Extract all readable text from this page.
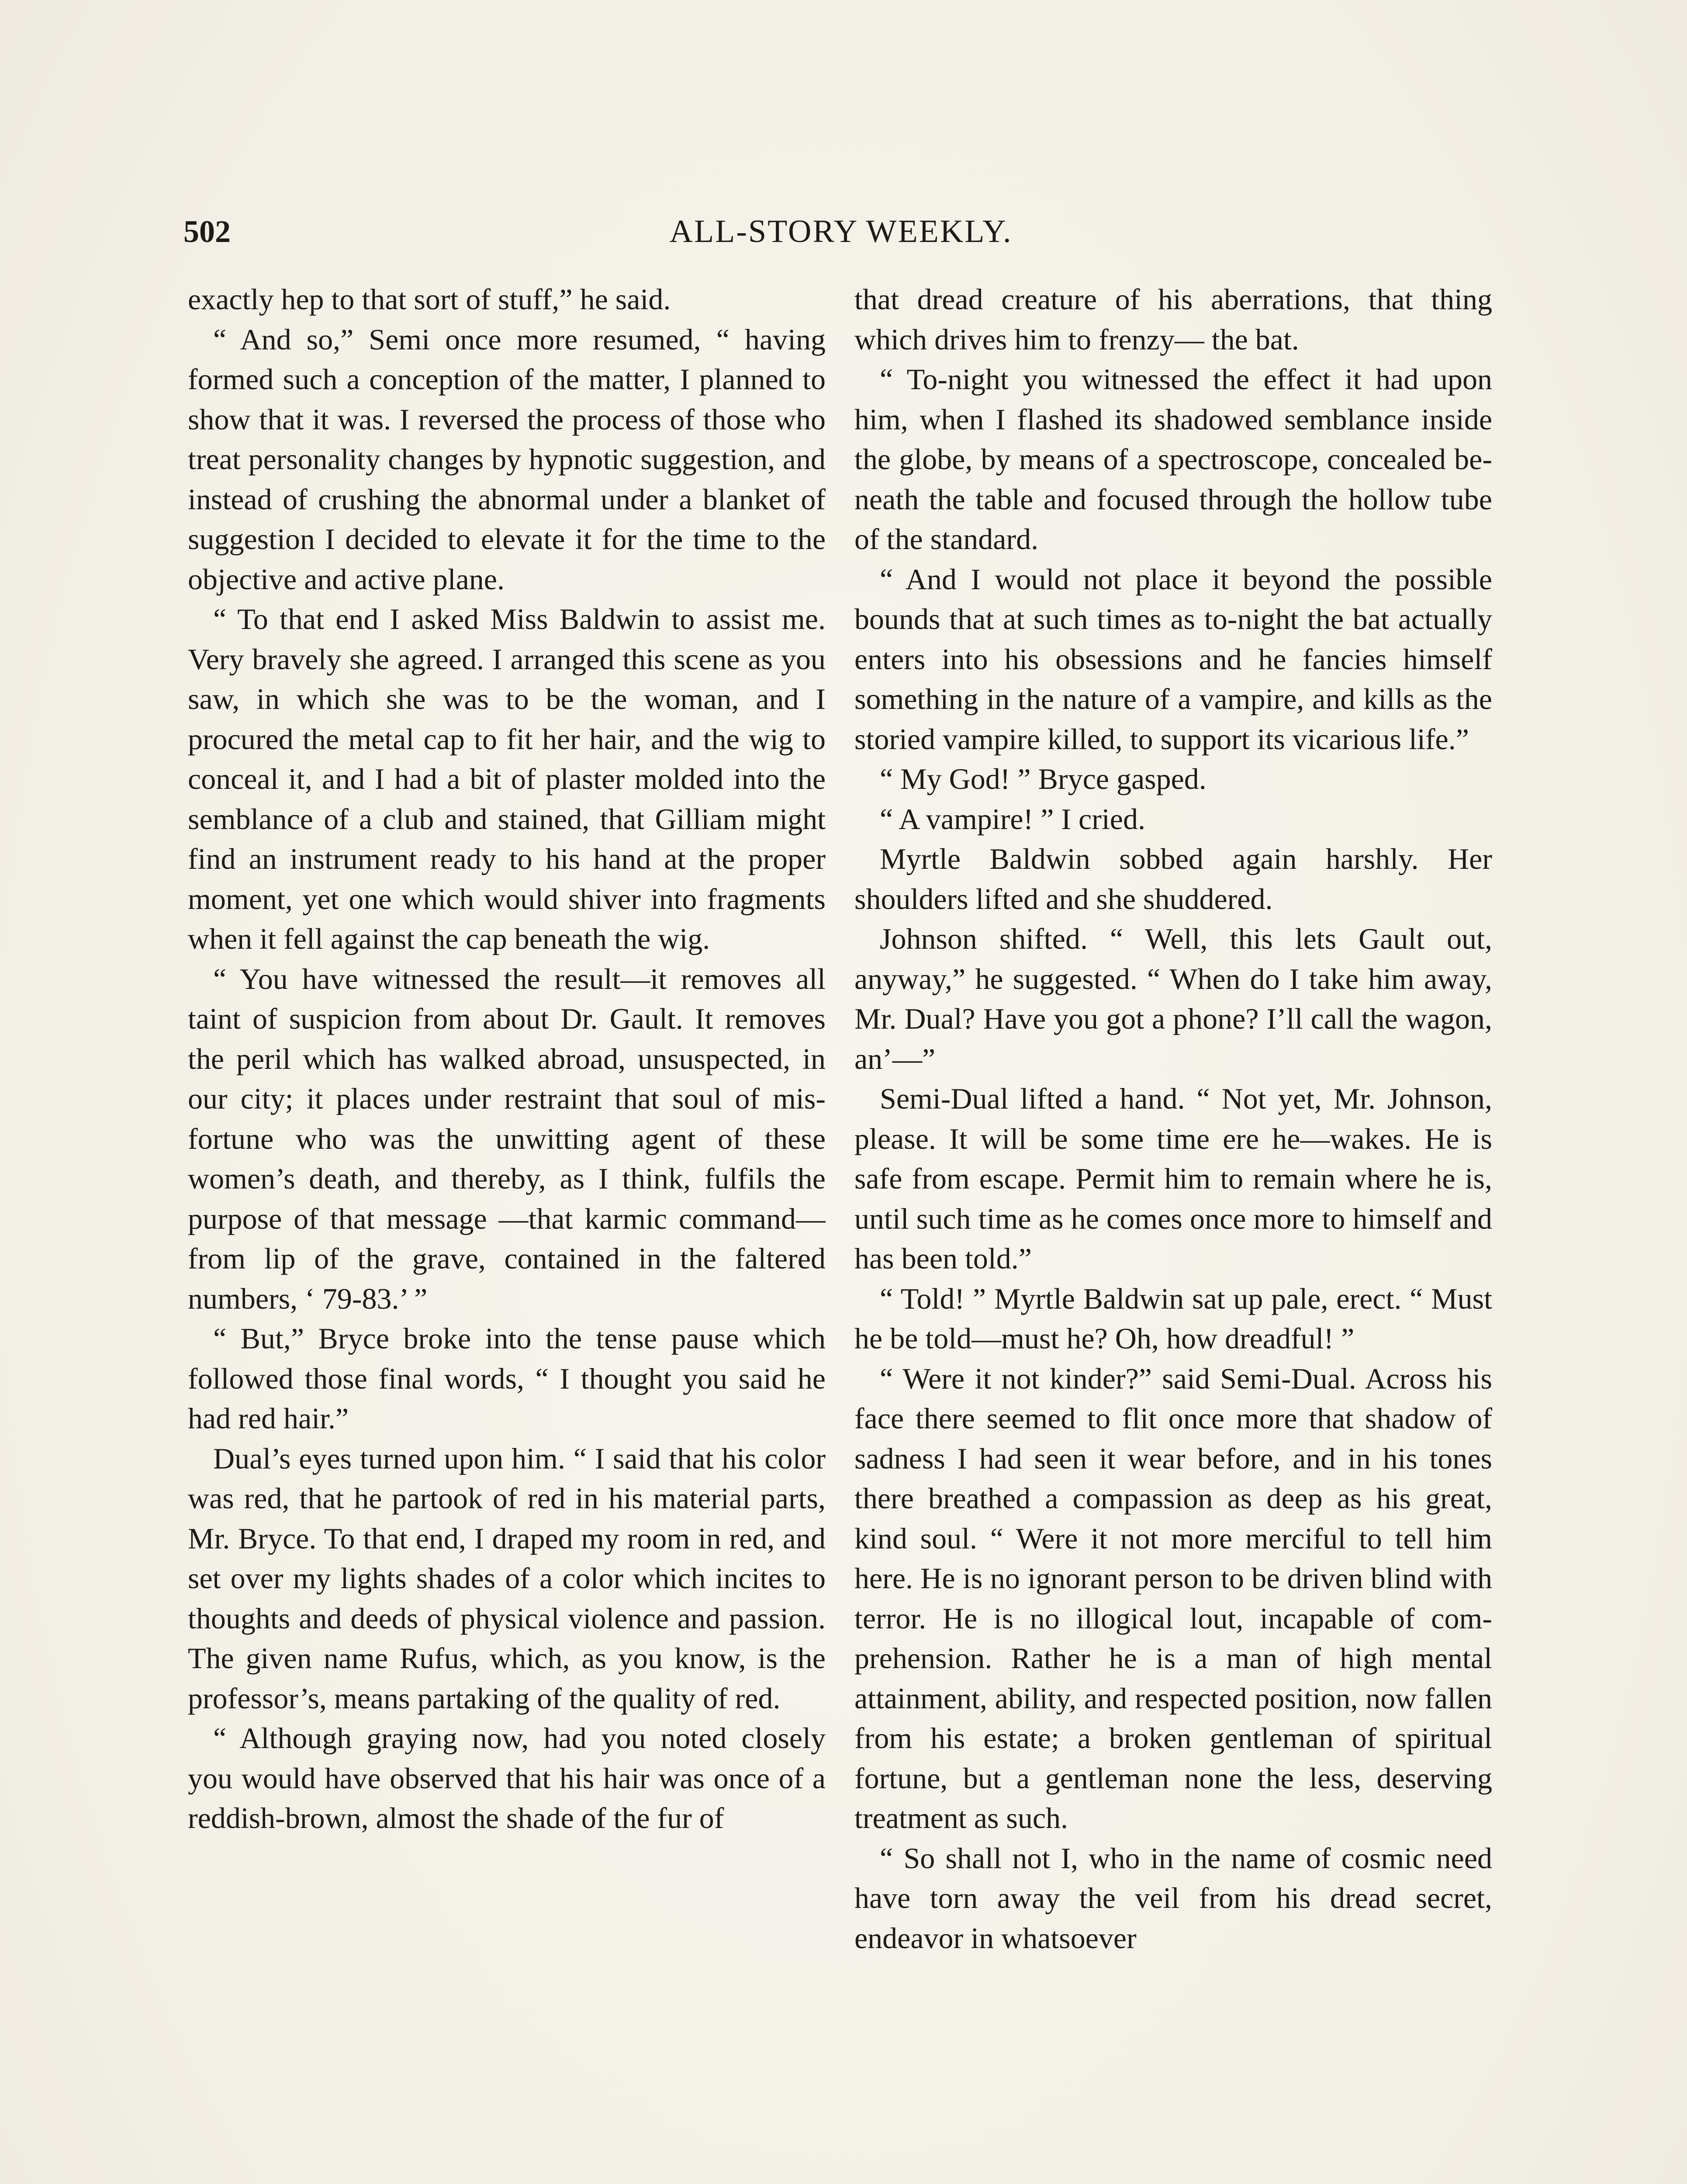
502	ALL-STORY WEEKLY.

exactly hep to that sort of stuff,” he said.

“ And so,” Semi once more resumed, “ having formed such a conception of the matter, I planned to show that it was. I reversed the process of those who treat personality changes by hypnotic suggestion, and instead of crushing the abnormal under a blanket of suggestion I decided to elevate it for the time to the objective and active plane.

“ To that end I asked Miss Baldwin to assist me. Very bravely she agreed. I arranged this scene as you saw, in which she was to be the woman, and I procured the metal cap to fit her hair, and the wig to conceal it, and I had a bit of plaster molded into the semblance of a club and stained, that Gilliam might find an instrument ready to his hand at the proper moment, yet one which would shiver into fragments when it fell against the cap beneath the wig.

“ You have witnessed the result—it removes all taint of suspicion from about Dr. Gault. It removes the peril which has walked abroad, unsuspected, in our city; it places under restraint that soul of misfortune who was the unwitting agent of these women’s death, and thereby, as I think, fulfils the purpose of that message —that karmic command—from lip of the grave, contained in the faltered numbers, ‘ 79-83.’ ”

“ But,” Bryce broke into the tense pause which followed those final words, “ I thought you said he had red hair.”

Dual’s eyes turned upon him. “ I said that his color was red, that he partook of red in his material parts, Mr. Bryce. To that end, I draped my room in red, and set over my lights shades of a color which incites to thoughts and deeds of physical violence and passion. The given name Rufus, which, as you know, is the professor’s, means partaking of the quality of red.

“ Although graying now, had you noted closely you would have observed that his hair was once of a reddish-brown, almost the shade of the fur of

that dread creature of his aberrations, that thing which drives him to frenzy— the bat.

“ To-night you witnessed the effect it had upon him, when I flashed its shadowed semblance inside the globe, by means of a spectroscope, concealed beneath the table and focused through the hollow tube of the standard.

“ And I would not place it beyond the possible bounds that at such times as to-night the bat actually enters into his obsessions and he fancies himself something in the nature of a vampire, and kills as the storied vampire killed, to support its vicarious life.”

“ My God! ” Bryce gasped.

“ A vampire! ” I cried.

Myrtle Baldwin sobbed again harshly. Her shoulders lifted and she shuddered.

Johnson shifted. “ Well, this lets Gault out, anyway,” he suggested. “ When do I take him away, Mr. Dual? Have you got a phone? I’ll call the wagon, an’—”

Semi-Dual lifted a hand. “ Not yet, Mr. Johnson, please. It will be some time ere he—wakes. He is safe from escape. Permit him to remain where he is, until such time as he comes once more to himself and has been told.”

“ Told! ” Myrtle Baldwin sat up pale, erect. “ Must he be told—must he? Oh, how dreadful! ”

“ Were it not kinder?” said Semi-Dual. Across his face there seemed to flit once more that shadow of sadness I had seen it wear before, and in his tones there breathed a compassion as deep as his great, kind soul. “ Were it not more merciful to tell him here. He is no ignorant person to be driven blind with terror. He is no illogical lout, incapable of comprehension. Rather he is a man of high mental attainment, ability, and respected position, now fallen from his estate; a broken gentleman of spiritual fortune, but a gentleman none the less, deserving treatment as such.

“ So shall not I, who in the name of cosmic need have torn away the veil from his dread secret, endeavor in whatsoever
